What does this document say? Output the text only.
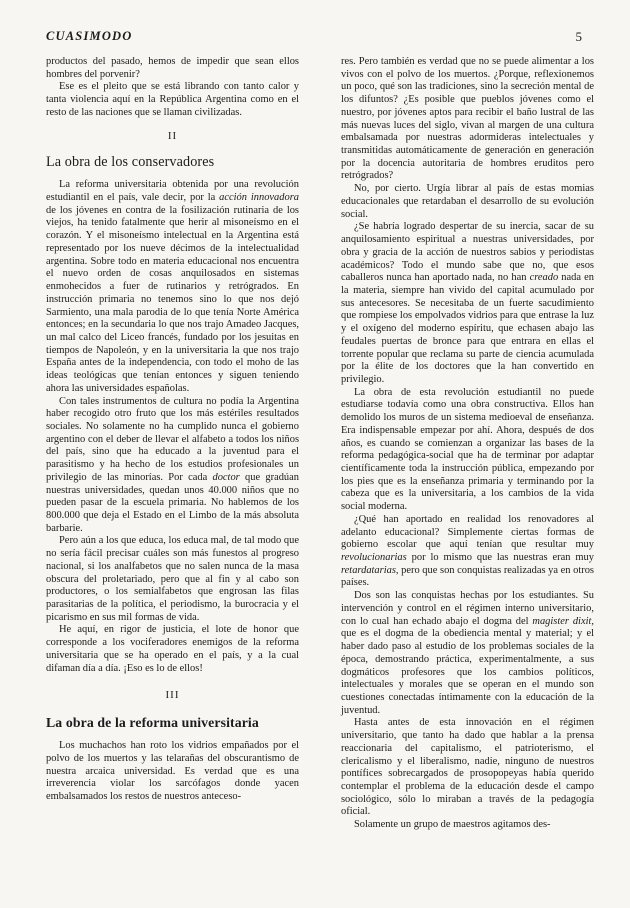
CUASIMODO	5

productos del pasado, hemos de impedir que sean ellos hombres del porvenir?

Ese es el pleito que se está librando con tanto calor y tanta violencia aquí en la República Argentina como en el resto de las naciones que se llaman civilizadas.

II
La obra de los conservadores

La reforma universitaria obtenida por una revolución estudiantil en el país, vale decir, por la acción innovadora de los jóvenes en contra de la fosilización rutinaria de los viejos, ha tenido fatalmente que herir al misoneísmo en el corazón. Y el misoneísmo intelectual en la Argentina está representado por los nueve décimos de la intelectualidad argentina. Sobre todo en materia educacional nos encuentra el nuevo orden de cosas anquilosados en sistemas enmohecidos a fuer de rutinarios y retrógrados. En instrucción primaria no tenemos sino lo que nos dejó Sarmiento, una mala parodia de lo que tenía Norte América entonces; en la secundaria lo que nos trajo Amadeo Jacques, un mal calco del Liceo francés, fundado por los jesuitas en tiempos de Napoleón, y en la universitaria la que nos trajo España antes de la independencia, con todo el moho de las ideas teológicas que tenían entonces y siguen teniendo ahora las universidades españolas.

Con tales instrumentos de cultura no podía la Argentina haber recogido otro fruto que los más estériles resultados sociales. No solamente no ha cumplido nunca el gobierno argentino con el deber de llevar el alfabeto a todos los niños del país, sino que ha educado a la juventud para el parasitismo y ha hecho de los estudios profesionales un privilegio de las minorías. Por cada doctor que gradúan nuestras universidades, quedan unos 40.000 niños que no pueden pasar de la escuela primaria. No hablemos de los 800.000 que deja el Estado en el Limbo de la más absoluta barbarie.

Pero aún a los que educa, los educa mal, de tal modo que no sería fácil precisar cuáles son más funestos al progreso nacional, si los analfabetos que no salen nunca de la masa obscura del proletariado, pero que al fin y al cabo son productores, o los semialfabetos que engrosan las filas parasitarias de la política, el periodismo, la burocracia y el picarismo en sus mil formas de vida.

He aquí, en rigor de justicia, el lote de honor que corresponde a los vociferadores enemigos de la reforma universitaria que se ha operado en el país, y a la cual difaman día a día. ¡Eso es lo de ellos!

III
La obra de la reforma universitaria

Los muchachos han roto los vidrios empañados por el polvo de los muertos y las telarañas del obscurantismo de nuestra arcaica universidad. Es verdad que es una irreverencia violar los sarcófagos donde yacen embalsamados los restos de nuestros anteceso-

res. Pero también es verdad que no se puede alimentar a los vivos con el polvo de los muertos. ¿Porque, reflexionemos un poco, qué son las tradiciones, sino la secreción mental de los difuntos? ¿Es posible que pueblos jóvenes como el nuestro, por jóvenes aptos para recibir el baño lustral de las más nuevas luces del siglo, vivan al margen de una cultura embalsamada por nuestras adormideras intelectuales y transmitidas automáticamente de generación en generación por la docencia autoritaria de hombres eruditos pero retrógrados?

No, por cierto. Urgía librar al país de estas momias educacionales que retardaban el desarrollo de su evolución social.

¿Se habría logrado despertar de su inercia, sacar de su anquilosamiento espiritual a nuestras universidades, por obra y gracia de la acción de nuestros sabios y periodistas académicos? Todo el mundo sabe que no, que esos caballeros nunca han aportado nada, no han creado nada en la materia, siempre han vivido del capital acumulado por sus antecesores. Se necesitaba de un fuerte sacudimiento que rompiese los empolvados vidrios para que entrase la luz y el oxígeno del moderno espíritu, que echasen abajo las feudales puertas de bronce para que entrara en ellas el torrente popular que reclama su parte de ciencia acumulada por la élite de los doctores que la han convertido en privilegio.

La obra de esta revolución estudiantil no puede estudiarse todavía como una obra constructiva. Ellos han demolido los muros de un sistema medioeval de enseñanza. Era indispensable empezar por ahí. Ahora, después de dos años, es cuando se comienzan a organizar las bases de la reforma pedagógica-social que ha de terminar por adaptar científicamente toda la instrucción pública, empezando por los pies que es la enseñanza primaria y terminando por la cabeza que es la universitaria, a los cambios de la vida social moderna.

¿Qué han aportado en realidad los renovadores al adelanto educacional? Simplemente ciertas formas de gobierno escolar que aquí tenían que resultar muy revolucionarias por lo mismo que las nuestras eran muy retardatarias, pero que son conquistas realizadas ya en otros países.

Dos son las conquistas hechas por los estudiantes. Su intervención y control en el régimen interno universitario, con lo cual han echado abajo el dogma del magister dixit, que es el dogma de la obediencia mental y material; y el haber dado paso al estudio de los problemas sociales de la época, demostrando práctica, experimentalmente, a sus dogmáticos profesores que los cambios políticos, intelectuales y morales que se operan en el mundo son cuestiones conectadas íntimamente con la educación de la juventud.

Hasta antes de esta innovación en el régimen universitario, que tanto ha dado que hablar a la prensa reaccionaria del capitalismo, el patrioterismo, el clericalismo y el liberalismo, nadie, ninguno de nuestros pontífices sobrecargados de prosopopeyas había querido contemplar el problema de la educación desde el campo sociológico, sólo lo miraban a través de la pedagogía oficial.

Solamente un grupo de maestros agitamos des-
